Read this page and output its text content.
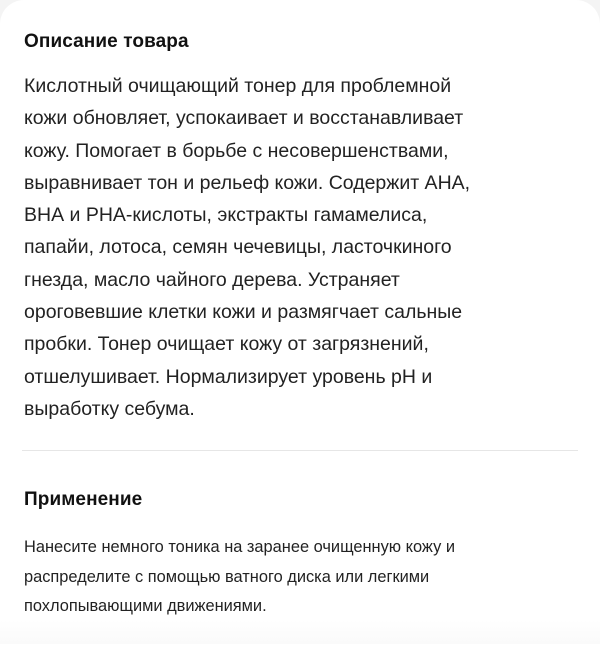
Описание товара

Кислотный очищающий тонер для проблемной
кожи обновляет, успокаивает и восстанавливает
кожу. Помогает в борьбе с несовершенствами,
выравнивает тон и рельеф кожи. Содержит АНА,
ВНА и РНА-кислоты, экстракты гамамелиса,
папайи, лотоса, семян чечевицы, ласточкиного
гнезда, масло чайного дерева. Устраняет
ороговевшие клетки кожи и размягчает сальные
пробки. Тонер очищает кожу от загрязнений,
отшелушивает. Нормализирует уровень pH и
выработку себума.

Применение

Нанесите немного тоника на заранее очищенную кожу и
распределите с помощью ватного диска или легкими
похлопывающими движениями.
